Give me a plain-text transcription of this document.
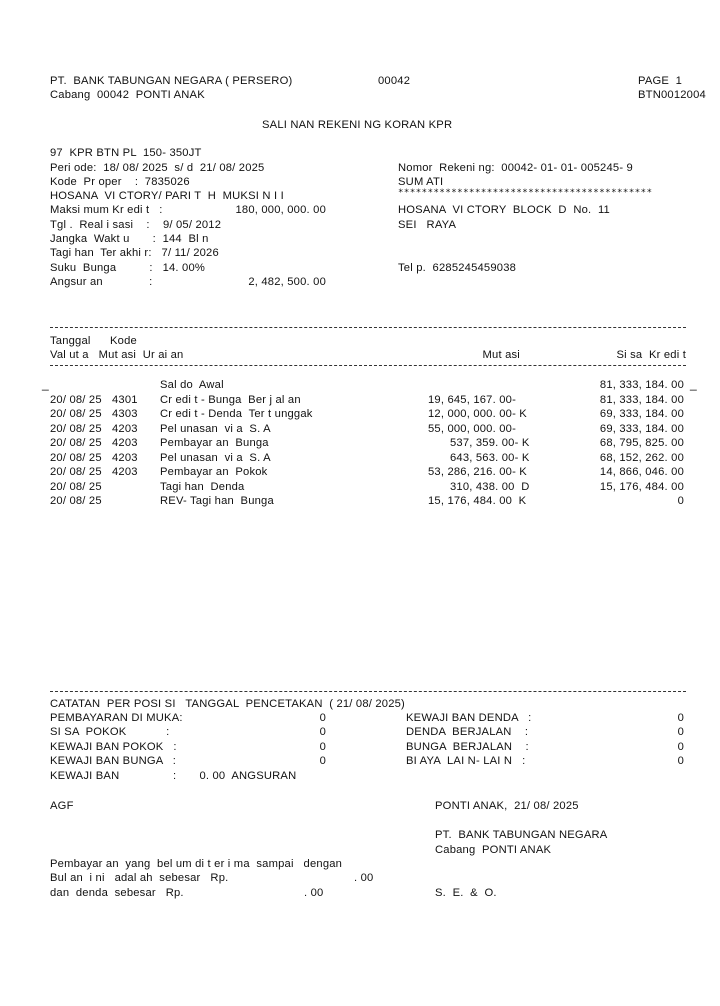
PT.  BANK TABUNGAN NEGARA ( PERSERO)
Cabang  00042  PONTI ANAK
00042	PAGE  1
BTN0012004
SALI NAN REKENI NG KORAN KPR
97  KPR BTN PL  150- 350JT
Peri ode:  18/ 08/ 2025  s/ d  21/ 08/ 2025
Kode  Pr oper    :  7835026
HOSANA  VI CTORY/ PARI T  H  MUKSI N I I
Maksi mum Kr edi t   :	180, 000, 000. 00
Tgl .  Real i sasi    :    9/ 05/ 2012
Jangka  Wakt u       :  144  Bl n
Tagi han  Ter akhi r:   7/ 11/ 2026
Suku  Bunga          :   14. 00%
Angsur an              :	2, 482, 500. 00
Nomor  Rekeni ng:  00042- 01- 01- 005245- 9
SUM ATI
*******************************************
HOSANA  VI CTORY  BLOCK  D  No.  11
SEI   RAYA
Tel p.  6285245459038
Tanggal Kode
Val ut a   Mut asi  Ur ai an	Mut asi	Si sa  Kr edi t
_	_
Sal do  Awal	81, 333, 184. 00
20/ 08/ 25 4301 Cr edi t - Bunga  Ber j al an	19, 645, 167. 00-	81, 333, 184. 00
20/ 08/ 25 4303 Cr edi t - Denda  Ter t unggak	12, 000, 000. 00- K	69, 333, 184. 00
20/ 08/ 25 4203 Pel unasan  vi a  S. A	55, 000, 000. 00-	69, 333, 184. 00
20/ 08/ 25 4203 Pembayar an  Bunga	537, 359. 00- K	68, 795, 825. 00
20/ 08/ 25 4203 Pel unasan  vi a  S. A	643, 563. 00- K	68, 152, 262. 00
20/ 08/ 25 4203 Pembayar an  Pokok	53, 286, 216. 00- K	14, 866, 046. 00
20/ 08/ 25	Tagi han  Denda	310, 438. 00  D	15, 176, 484. 00
20/ 08/ 25	REV- Tagi han  Bunga	15, 176, 484. 00  K	0
CATATAN  PER POSI SI   TANGGAL  PENCETAKAN  ( 21/ 08/ 2025)
PEMBAYARAN DI MUKA:	0
SI SA  POKOK            :	0
KEWAJI BAN POKOK   :	0
KEWAJI BAN BUNGA   :	0
KEWAJI BAN DENDA   :	0
DENDA  BERJALAN    :	0
BUNGA  BERJALAN    :	0
BI AYA  LAI N- LAI N   :	0
KEWAJI BAN	:       0. 00  ANGSURAN
AGF	PONTI ANAK,  21/ 08/ 2025
PT.  BANK TABUNGAN NEGARA
Cabang  PONTI ANAK
Pembayar an  yang  bel um di t er i ma  sampai   dengan
Bul an  i ni   adal ah  sebesar   Rp.	. 00
dan  denda  sebesar   Rp.	. 00	S.  E.  &  O.
